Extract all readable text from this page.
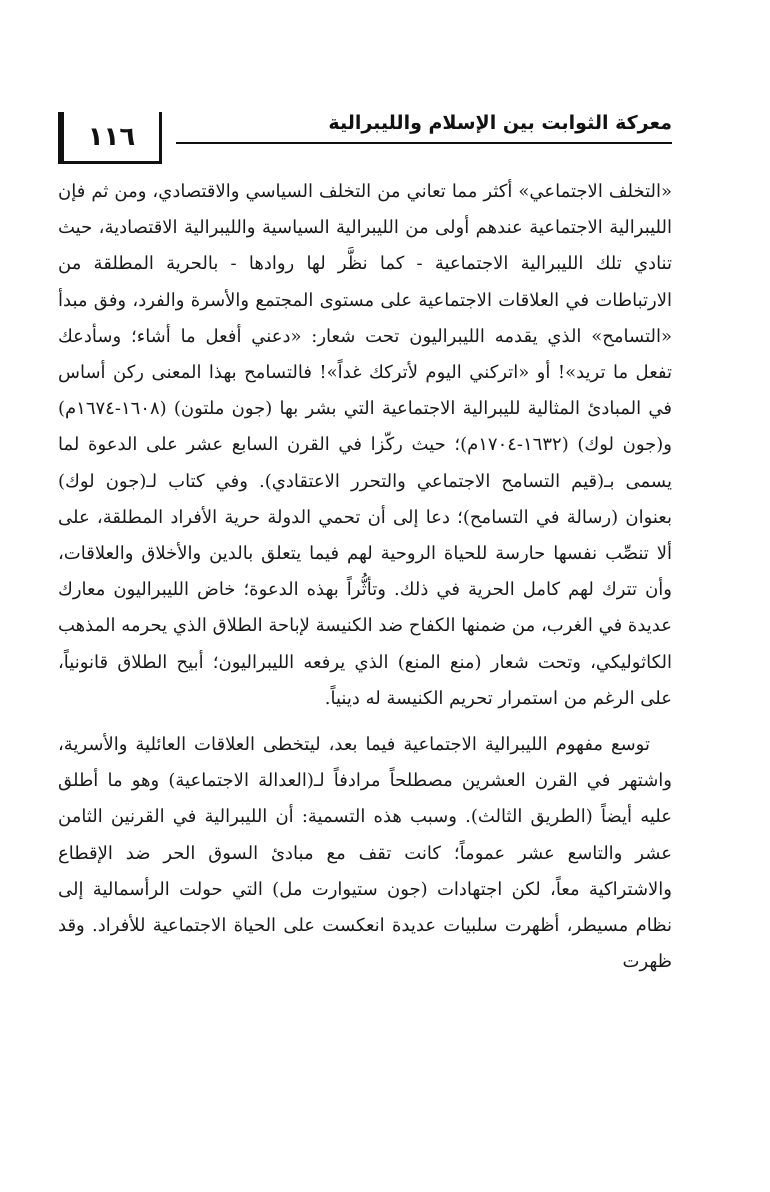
معركة الثوابت بين الإسلام والليبرالية
١١٦

«التخلف الاجتماعي» أكثر مما تعاني من التخلف السياسي والاقتصادي، ومن ثم فإن الليبرالية الاجتماعية عندهم أولى من الليبرالية السياسية والليبرالية الاقتصادية، حيث تنادي تلك الليبرالية الاجتماعية - كما نظَّر لها روادها - بالحرية المطلقة من الارتباطات في العلاقات الاجتماعية على مستوى المجتمع والأسرة والفرد، وفق مبدأ «التسامح» الذي يقدمه الليبراليون تحت شعار: «دعني أفعل ما أشاء؛ وسأدعك تفعل ما تريد»! أو «اتركني اليوم لأتركك غداً»! فالتسامح بهذا المعنى ركن أساس في المبادئ المثالية لليبرالية الاجتماعية التي بشر بها (جون ملتون) (١٦٠٨-١٦٧٤م) و(جون لوك) (١٦٣٢-١٧٠٤م)؛ حيث ركّزا في القرن السابع عشر على الدعوة لما يسمى بـ(قيم التسامح الاجتماعي والتحرر الاعتقادي). وفي كتاب لـ(جون لوك) بعنوان (رسالة في التسامح)؛ دعا إلى أن تحمي الدولة حرية الأفراد المطلقة، على ألا تنصِّب نفسها حارسة للحياة الروحية لهم فيما يتعلق بالدين والأخلاق والعلاقات، وأن تترك لهم كامل الحرية في ذلك. وتأثُّراً بهذه الدعوة؛ خاض الليبراليون معارك عديدة في الغرب، من ضمنها الكفاح ضد الكنيسة لإباحة الطلاق الذي يحرمه المذهب الكاثوليكي، وتحت شعار (منع المنع) الذي يرفعه الليبراليون؛ أبيح الطلاق قانونياً، على الرغم من استمرار تحريم الكنيسة له دينياً.

توسع مفهوم الليبرالية الاجتماعية فيما بعد، ليتخطى العلاقات العائلية والأسرية، واشتهر في القرن العشرين مصطلحاً مرادفاً لـ(العدالة الاجتماعية) وهو ما أطلق عليه أيضاً (الطريق الثالث). وسبب هذه التسمية: أن الليبرالية في القرنين الثامن عشر والتاسع عشر عموماً؛ كانت تقف مع مبادئ السوق الحر ضد الإقطاع والاشتراكية معاً، لكن اجتهادات (جون ستيوارت مل) التي حولت الرأسمالية إلى نظام مسيطر، أظهرت سلبيات عديدة انعكست على الحياة الاجتماعية للأفراد. وقد ظهرت
